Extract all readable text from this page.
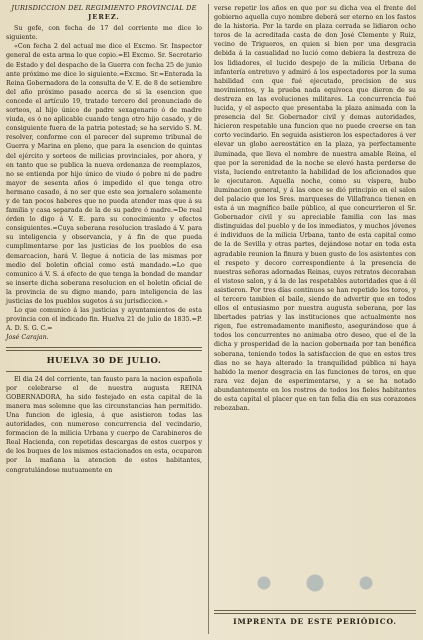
JURISDICCION DEL REGIMIENTO PROVINCIAL DE
JEREZ.

Su gefe, con fecha de 17 del corriente me dice lo siguiente.

«Con fecha 2 del actual me dice el Excmo. Sr. Inspector general de esta arma lo que copio.=El Excmo. Sr. Secretario de Estado y del despacho de la Guerra con fecha 25 de junio ante próximo me dice lo siguiente.=Excmo. Sr.=Enterada la Reina Gobernadora de la consulta de V. E. de 8 de setiembre del año próximo pasado acerca de si la esencion que concede el artículo 19, tratado tercero del pronunciado de sorteos, al hijo único de padre sexagenario ó de madre viuda, es ó no aplicable cuando tenga otro hijo casado, y de consiguiente fuera de la patria potestad; se ha servido S. M. resolver, conforme con el parecer del supremo tribunal de Guerra y Marina en pleno, que para la esencion de quintas del ejército y sorteos de milicias provinciales, por ahora, y en tanto que se publica la nueva ordenanza de reemplazos, no se entienda por hijo único de viudo ó pobre ni de padre mayor de sesenta años ó impedido el que tenga otro hermano casado, á no ser que este sea jornalero solamente y de tan pocos haberes que no pueda atender mas que á su familia y casa separada de la de su padre ó madre.=De real órden lo digo á V. E. para su conocimiento y efectos consiguientes.=Cuya soberana resolucion traslado á V. para su inteligencia y observancia, y á fin de que pueda cumplimentarse por las justicias de los pueblos de esa demarcacion, hará V. llegue á noticia de las mismas por medio del boletin oficial como está mandado.=Lo que comunico á V. S. á efecto de que tenga la bondad de mandar se inserte dicha soberana resolucion en el boletin oficial de la provincia de su digno mando, para inteligencia de las justicias de los pueblos sugetos á su jurisdiccion.»

Lo que comunico á las justicias y ayuntamientos de esta provincia con el indicado fin. Huelva 21 de julio de 1835.=P. A. D. S. G. C.=

José Carajan.

HUELVA 30 DE JULIO.

El dia 24 del corriente, tan fausto para la nacion española por celebrarse el de nuestra augusta REINA GOBERNADORA, ha sido festejado en esta capital de la manera mas solemne que las circunstancias han permitido. Una funcion de iglesia, á que asistieron todas las autoridades, con numeroso concurrencia del vecindario, formacion de la milicia Urbana y cuerpo de Carabineros de Real Hacienda, con repetidas descargas de estos cuerpos y de los buques de los mismos estacionados en esta, ocuparon por la mañana la atencion de estos habitantes, congratulándose mutuamente en

verse repetir los años en que por su dicha vea el frente del gobierno aquella cuyo nombre deberá ser eterno en los fastos de la historia. Por la tarde en plaza cerrada se lidiaron ocho toros de la acreditada casta de don José Clemente y Ruiz, vecino de Trigueros, en quien si bien por una desgracia debida á la casualidad no lució como debiera la destreza de los lidiadores, el lucido despejo de la milicia Urbana de infantería entretuvo y admiró á los espectadores por la suma habilidad con que fué ejecutado, precision de sus movimientos, y la prueba nada equívoca que dieron de su destreza en las evoluciones militares. La concurrencia fué lucida, y el aspecto que presentaba la plaza animada con la presencia del Sr. Gobernador civil y demas autoridades, hicieron respetable una funcion que no puede creerse en tan corto vecindario. En seguida asistieron los espectadores á ver elevar un globo aereostático en la plaza, ya perfectamente iluminada, que lleva el nombre de nuestra amable Reina, el que por la serenidad de la noche se elevó hasta perderse de vista, luciendo entretanto la habilidad de los aficionados que le ejecutaron. Aquella noche, como su víspera, hubo iluminacion general, y á las once se dió principio en el salon del palacio que los Sres. marqueses de Villafranca tienen en esta á un magnífico baile público, al que concurrieron el Sr. Gobernador civil y su apreciable familia con las mas distinguidas del pueblo y de los inmediatos, y muchos jóvenes é individuos de la milicia Urbana, tanto de esta capital como de la de Sevilla y otras partes, dejándose notar en toda esta agradable reunion la finura y buen gusto de los asistentes con el respeto y decoro correspondiente á la presencia de nuestras señoras adornadas Reinas, cuyos retratos decoraban el vistoso salon, y á la de las respetables autoridades que á él asistieron. Por tres días continuos se han repetido los toros, y el tercero tambien el baile, siendo de advertir que en todos ellos el entusiasmo por nuestra augusta soberana, por las libertades patrias y las instituciones que actualmente nos rigen, fue estremadamente manifiesto, asegurándose que á todos los concurrentes no animaba otro deseo, que el de la dicha y prosperidad de la nacion gobernada por tan benéfica soberana, teniendo todos la satisfaccion de que en estos tres dias no se haya alterado la tranquilidad pública ni haya habido la menor desgracia en las funciones de toros, en que rara vez dejan de esperimentarse, y a se ha notado abundantemente en los rostros de todos los fieles habitantes de esta capital el placer que en tan felia dia en sus corazones rebozaban.

IMPRENTA DE ESTE PERIÓDICO.
